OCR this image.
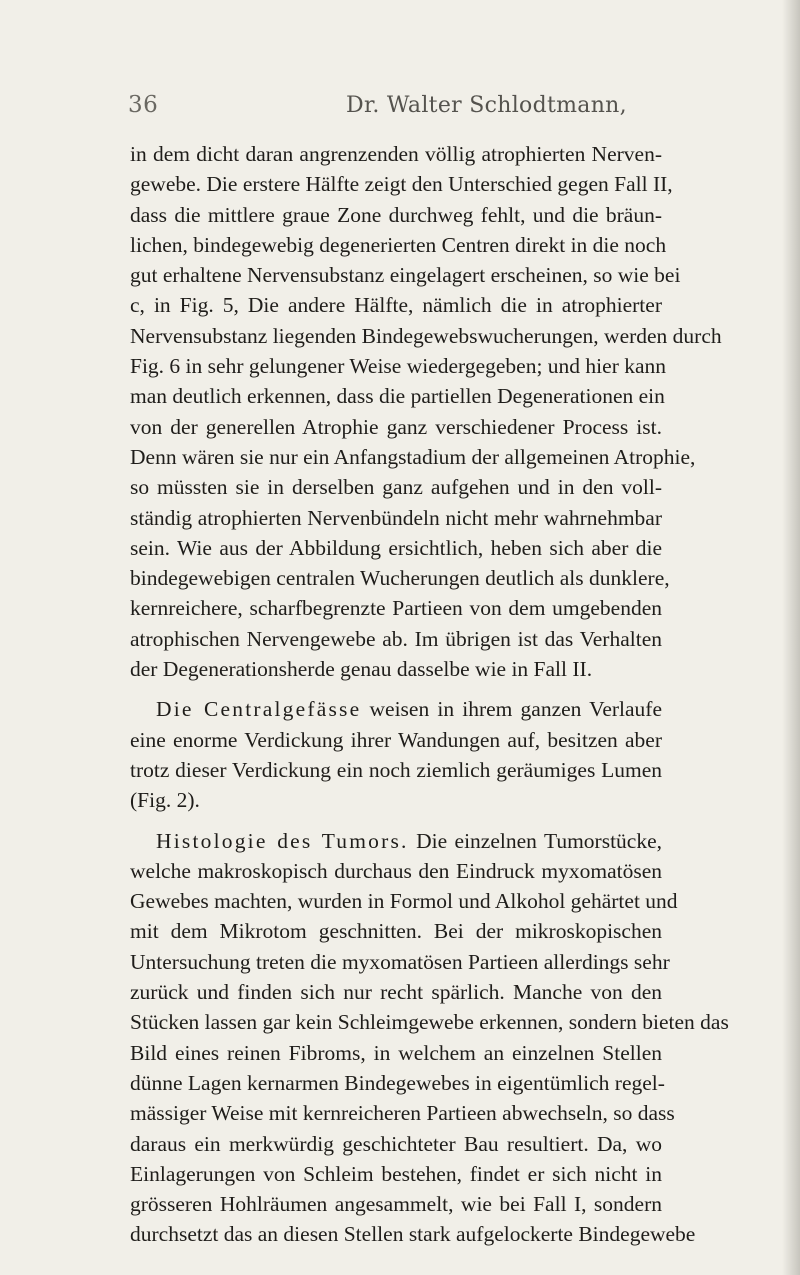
36	Dr. Walter Schlodtmann,
in dem dicht daran angrenzenden völlig atrophierten Nerven-
gewebe. Die erstere Hälfte zeigt den Unterschied gegen Fall II,
dass die mittlere graue Zone durchweg fehlt, und die bräun-
lichen, bindegewebig degenerierten Centren direkt in die noch
gut erhaltene Nervensubstanz eingelagert erscheinen, so wie bei
c, in Fig. 5, Die andere Hälfte, nämlich die in atrophierter
Nervensubstanz liegenden Bindegewebswucherungen, werden durch
Fig. 6 in sehr gelungener Weise wiedergegeben; und hier kann
man deutlich erkennen, dass die partiellen Degenerationen ein
von der generellen Atrophie ganz verschiedener Process ist.
Denn wären sie nur ein Anfangstadium der allgemeinen Atrophie,
so müssten sie in derselben ganz aufgehen und in den voll-
ständig atrophierten Nervenbündeln nicht mehr wahrnehmbar
sein. Wie aus der Abbildung ersichtlich, heben sich aber die
bindegewebigen centralen Wucherungen deutlich als dunklere,
kernreichere, scharfbegrenzte Partieen von dem umgebenden
atrophischen Nervengewebe ab. Im übrigen ist das Verhalten
der Degenerationsherde genau dasselbe wie in Fall II.
Die Centralgefässe weisen in ihrem ganzen Verlaufe
eine enorme Verdickung ihrer Wandungen auf, besitzen aber
trotz dieser Verdickung ein noch ziemlich geräumiges Lumen
(Fig. 2).
Histologie des Tumors. Die einzelnen Tumorstücke,
welche makroskopisch durchaus den Eindruck myxomatösen
Gewebes machten, wurden in Formol und Alkohol gehärtet und
mit dem Mikrotom geschnitten. Bei der mikroskopischen
Untersuchung treten die myxomatösen Partieen allerdings sehr
zurück und finden sich nur recht spärlich. Manche von den
Stücken lassen gar kein Schleimgewebe erkennen, sondern bieten das
Bild eines reinen Fibroms, in welchem an einzelnen Stellen
dünne Lagen kernarmen Bindegewebes in eigentümlich regel-
mässiger Weise mit kernreicheren Partieen abwechseln, so dass
daraus ein merkwürdig geschichteter Bau resultiert. Da, wo
Einlagerungen von Schleim bestehen, findet er sich nicht in
grösseren Hohlräumen angesammelt, wie bei Fall I, sondern
durchsetzt das an diesen Stellen stark aufgelockerte Bindegewebe
